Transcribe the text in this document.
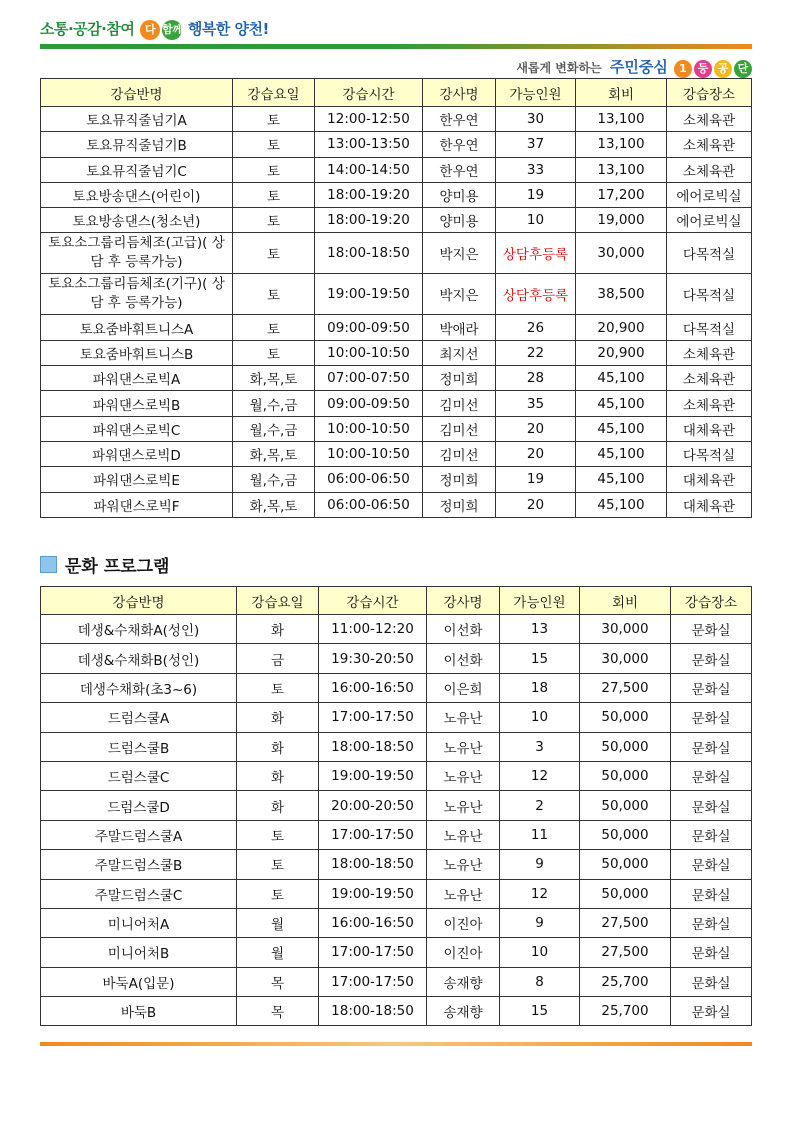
소통·공감·참여 다 함께 행복한 양천!
새롭게 변화하는 주민중심 1 등 공 단
강습반명	강습요일	강습시간	강사명	가능인원	회비	강습장소
토요뮤직줄넘기A	토	12:00-12:50	한우연	30	13,100	소체육관
토요뮤직줄넘기B	토	13:00-13:50	한우연	37	13,100	소체육관
토요뮤직줄넘기C	토	14:00-14:50	한우연	33	13,100	소체육관
토요방송댄스(어린이)	토	18:00-19:20	양미용	19	17,200	에어로빅실
토요방송댄스(청소년)	토	18:00-19:20	양미용	10	19,000	에어로빅실
토요소그룹리듬체조(고급)( 상담 후 등록가능)	토	18:00-18:50	박지은	상담후등록	30,000	다목적실
토요소그룹리듬체조(기구)( 상담 후 등록가능)	토	19:00-19:50	박지은	상담후등록	38,500	다목적실
토요줌바휘트니스A	토	09:00-09:50	박애라	26	20,900	다목적실
토요줌바휘트니스B	토	10:00-10:50	최지선	22	20,900	소체육관
파워댄스로빅A	화,목,토	07:00-07:50	정미희	28	45,100	소체육관
파워댄스로빅B	월,수,금	09:00-09:50	김미선	35	45,100	소체육관
파워댄스로빅C	월,수,금	10:00-10:50	김미선	20	45,100	대체육관
파워댄스로빅D	화,목,토	10:00-10:50	김미선	20	45,100	다목적실
파워댄스로빅E	월,수,금	06:00-06:50	정미희	19	45,100	대체육관
파워댄스로빅F	화,목,토	06:00-06:50	정미희	20	45,100	대체육관
문화 프로그램
강습반명	강습요일	강습시간	강사명	가능인원	회비	강습장소
데생&수채화A(성인)	화	11:00-12:20	이선화	13	30,000	문화실
데생&수채화B(성인)	금	19:30-20:50	이선화	15	30,000	문화실
데생수채화(초3~6)	토	16:00-16:50	이은희	18	27,500	문화실
드럼스쿨A	화	17:00-17:50	노유난	10	50,000	문화실
드럼스쿨B	화	18:00-18:50	노유난	3	50,000	문화실
드럼스쿨C	화	19:00-19:50	노유난	12	50,000	문화실
드럼스쿨D	화	20:00-20:50	노유난	2	50,000	문화실
주말드럼스쿨A	토	17:00-17:50	노유난	11	50,000	문화실
주말드럼스쿨B	토	18:00-18:50	노유난	9	50,000	문화실
주말드럼스쿨C	토	19:00-19:50	노유난	12	50,000	문화실
미니어처A	월	16:00-16:50	이진아	9	27,500	문화실
미니어처B	월	17:00-17:50	이진아	10	27,500	문화실
바둑A(입문)	목	17:00-17:50	송재향	8	25,700	문화실
바둑B	목	18:00-18:50	송재향	15	25,700	문화실
